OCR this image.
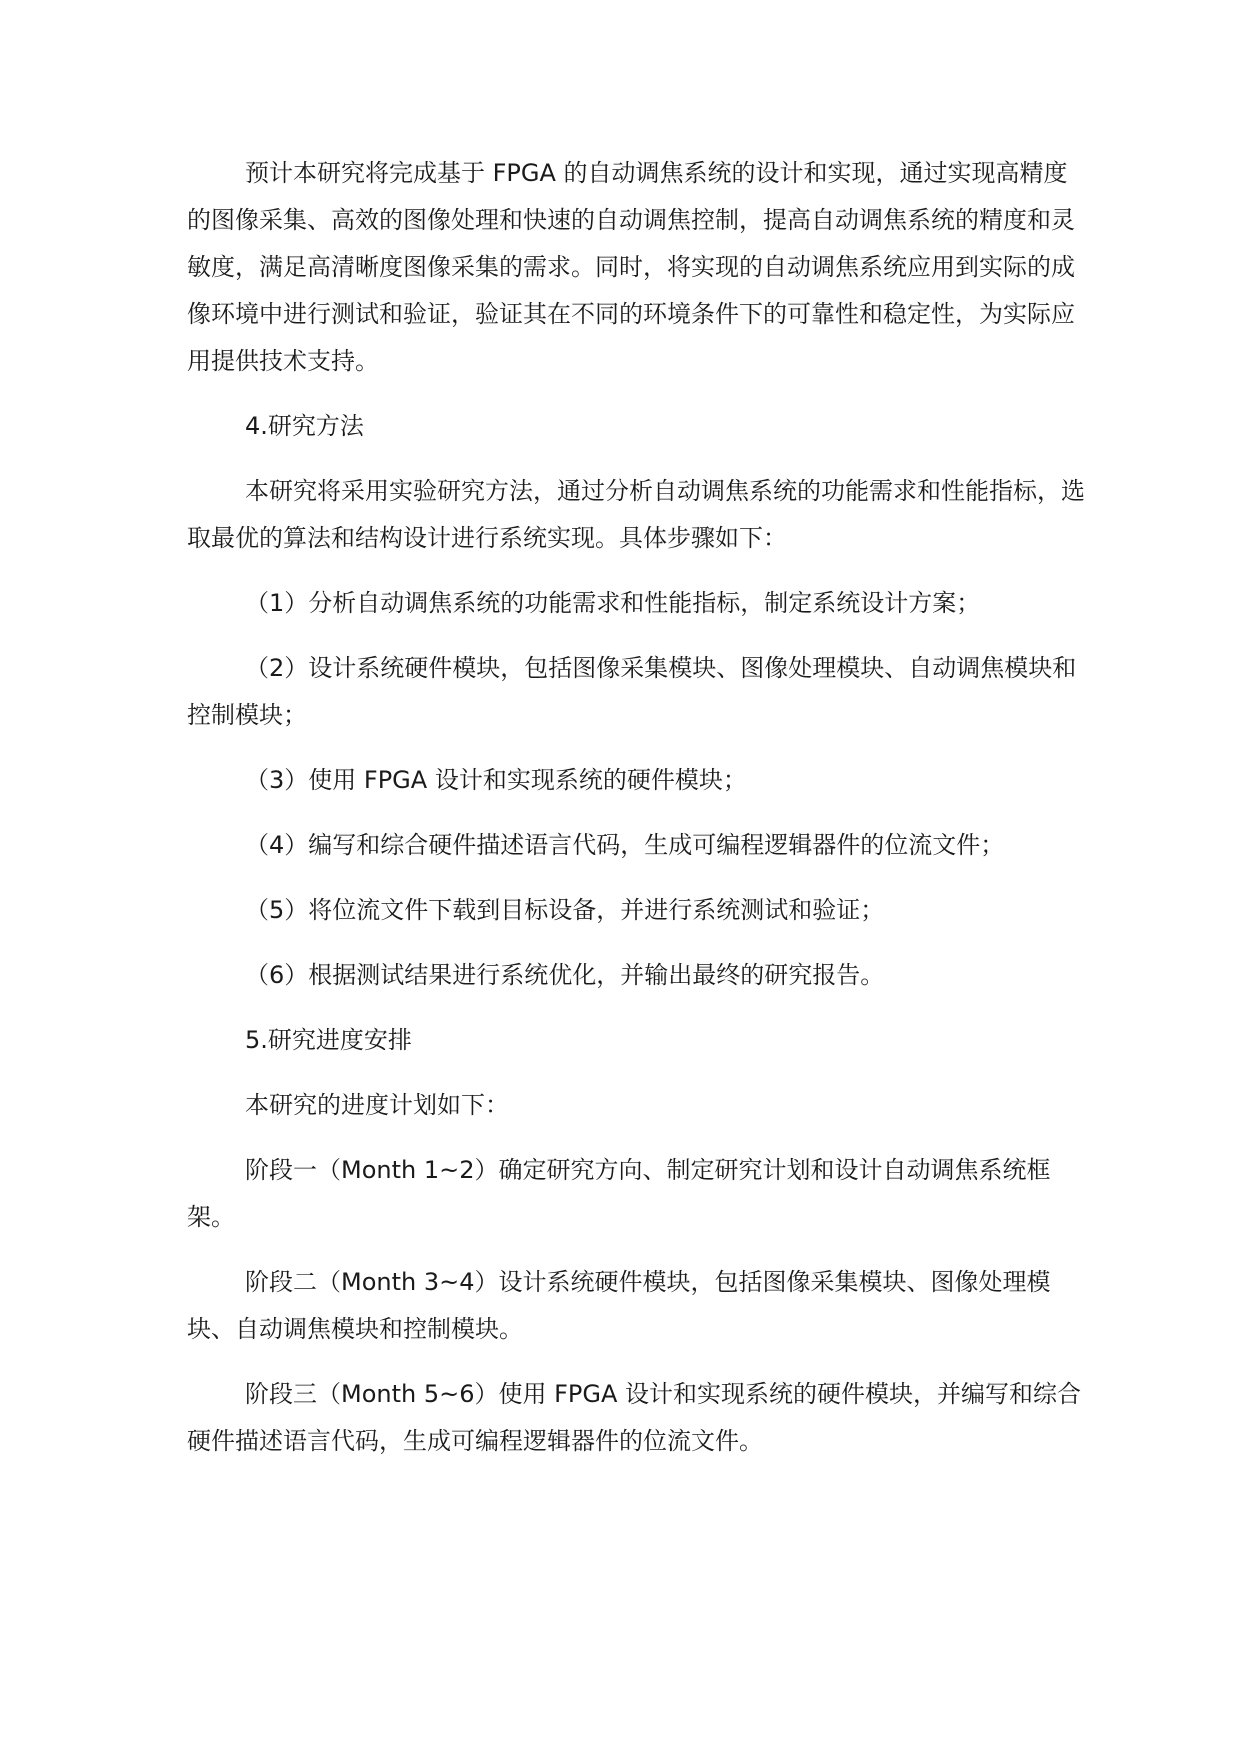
预计本研究将完成基于 FPGA 的自动调焦系统的设计和实现，通过实现高精度的图像采集、高效的图像处理和快速的自动调焦控制，提高自动调焦系统的精度和灵敏度，满足高清晰度图像采集的需求。同时，将实现的自动调焦系统应用到实际的成像环境中进行测试和验证，验证其在不同的环境条件下的可靠性和稳定性，为实际应用提供技术支持。

4.研究方法

本研究将采用实验研究方法，通过分析自动调焦系统的功能需求和性能指标，选取最优的算法和结构设计进行系统实现。具体步骤如下：

（1）分析自动调焦系统的功能需求和性能指标，制定系统设计方案；

（2）设计系统硬件模块，包括图像采集模块、图像处理模块、自动调焦模块和控制模块；

（3）使用 FPGA 设计和实现系统的硬件模块；

（4）编写和综合硬件描述语言代码，生成可编程逻辑器件的位流文件；

（5）将位流文件下载到目标设备，并进行系统测试和验证；

（6）根据测试结果进行系统优化，并输出最终的研究报告。

5.研究进度安排

本研究的进度计划如下：

阶段一（Month 1~2）确定研究方向、制定研究计划和设计自动调焦系统框架。

阶段二（Month 3~4）设计系统硬件模块，包括图像采集模块、图像处理模块、自动调焦模块和控制模块。

阶段三（Month 5~6）使用 FPGA 设计和实现系统的硬件模块，并编写和综合硬件描述语言代码，生成可编程逻辑器件的位流文件。
